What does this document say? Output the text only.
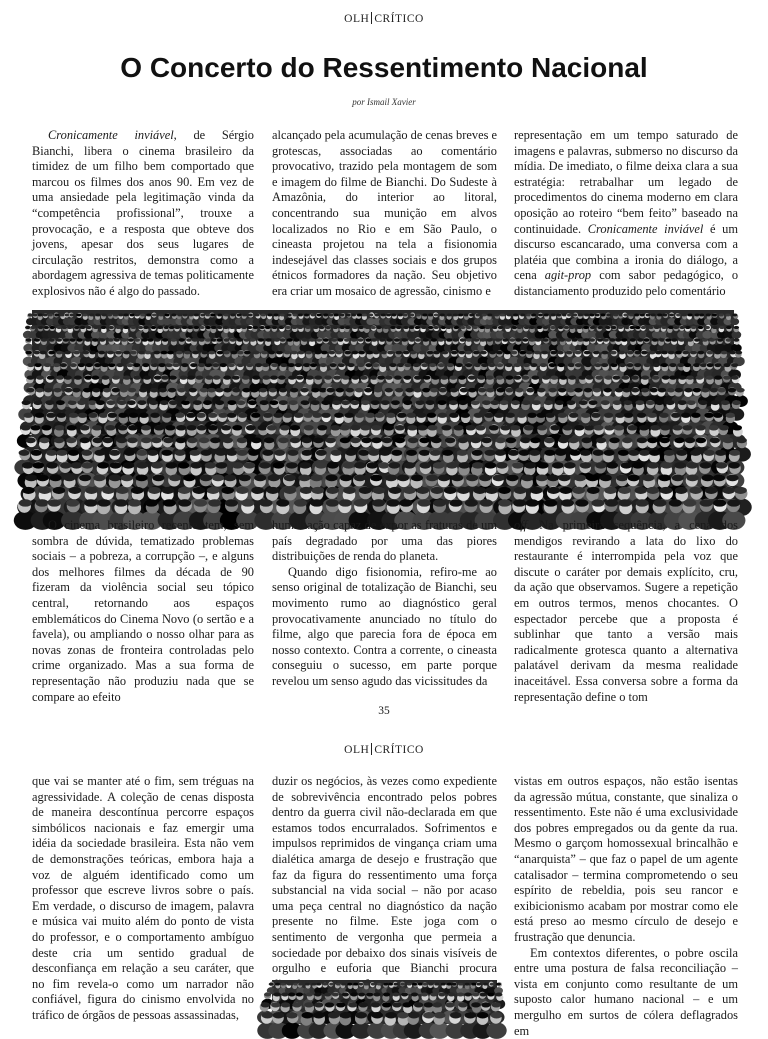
OLH CRÍTICO
O Concerto do Ressentimento Nacional
por Ismail Xavier

Cronicamente inviável, de Sérgio Bianchi, libera o cinema brasileiro da timidez de um filho bem comportado que marcou os filmes dos anos 90. Em vez de uma ansiedade pela legitimação vinda da “competência profissional”, trouxe a provocação, e a resposta que obteve dos jovens, apesar dos seus lugares de circulação restritos, demonstra como a abordagem agressiva de temas politicamente explosivos não é algo do passado.

alcançado pela acumulação de cenas breves e grotescas, associadas ao comentário provocativo, trazido pela montagem de som e imagem do filme de Bianchi. Do Sudeste à Amazônia, do interior ao litoral, concentrando sua munição em alvos localizados no Rio e em São Paulo, o cineasta projetou na tela a fisionomia indesejável das classes sociais e dos grupos étnicos formadores da nação. Seu objetivo era criar um mosaico de agressão, cinismo e

representação em um tempo saturado de imagens e palavras, submerso no discurso da mídia. De imediato, o filme deixa clara a sua estratégia: retrabalhar um legado de procedimentos do cinema moderno em clara oposição ao roteiro “bem feito” baseado na continuidade. Cronicamente inviável é um discurso escancarado, uma conversa com a platéia que combina a ironia do diálogo, a cena agit-prop com sabor pedagógico, o distanciamento produzido pelo comentário

O cinema brasileiro recente tem, sem sombra de dúvida, tematizado problemas sociais – a pobreza, a corrupção –, e alguns dos melhores filmes da década de 90 fizeram da violência social seu tópico central, retornando aos espaços emblemáticos do Cinema Novo (o sertão e a favela), ou ampliando o nosso olhar para as novas zonas de fronteira controladas pelo crime organizado. Mas a sua forma de representação não produziu nada que se compare ao efeito

humilhação capaz de expor as fraturas de um país degradado por uma das piores distribuições de renda do planeta.

Quando digo fisionomia, refiro-me ao senso original de totalização de Bianchi, seu movimento rumo ao diagnóstico geral provocativamente anunciado no título do filme, algo que parecia fora de época em nosso contexto. Contra a corrente, o cineasta conseguiu o sucesso, em parte porque revelou um senso agudo das vicissitudes da

off. Na primeira sequência, a cena dos mendigos revirando a lata do lixo do restaurante é interrompida pela voz que discute o caráter por demais explícito, cru, da ação que observamos. Sugere a repetição em outros termos, menos chocantes. O espectador percebe que a proposta é sublinhar que tanto a versão mais radicalmente grotesca quanto a alternativa palatável derivam da mesma realidade inaceitável. Essa conversa sobre a forma da representação define o tom

35
OLH CRÍTICO

que vai se manter até o fim, sem tréguas na agressividade. A coleção de cenas disposta de maneira descontínua percorre espaços simbólicos nacionais e faz emergir uma idéia da sociedade brasileira. Esta não vem de demonstrações teóricas, embora haja a voz de alguém identificado como um professor que escreve livros sobre o país. Em verdade, o discurso de imagem, palavra e música vai muito além do ponto de vista do professor, e o comportamento ambíguo deste cria um sentido gradual de desconfiança em relação a seu caráter, que no fim revela-o como um narrador não confiável, figura do cinismo envolvida no tráfico de órgãos de pessoas assassinadas,

duzir os negócios, às vezes como expediente de sobrevivência encontrado pelos pobres dentro da guerra civil não-declarada em que estamos todos encurralados. Sofrimentos e impulsos reprimidos de vingança criam uma dialética amarga de desejo e frustração que faz da figura do ressentimento uma força substancial na vida social – não por acaso uma peça central no diagnóstico da nação presente no filme. Este joga com o sentimento de vergonha que permeia a sociedade por debaixo dos sinais visíveis de orgulho e euforia que Bianchi procura

vistas em outros espaços, não estão isentas da agressão mútua, constante, que sinaliza o ressentimento. Este não é uma exclusividade dos pobres empregados ou da gente da rua. Mesmo o garçom homossexual brincalhão e “anarquista” – que faz o papel de um agente catalisador – termina comprometendo o seu espírito de rebeldia, pois seu rancor e exibicionismo acabam por mostrar como ele está preso ao mesmo círculo de desejo e frustração que denuncia.

Em contextos diferentes, o pobre oscila entre uma postura de falsa reconciliação – vista em conjunto como resultante de um suposto calor humano nacional – e um mergulho em surtos de cólera deflagrados em
